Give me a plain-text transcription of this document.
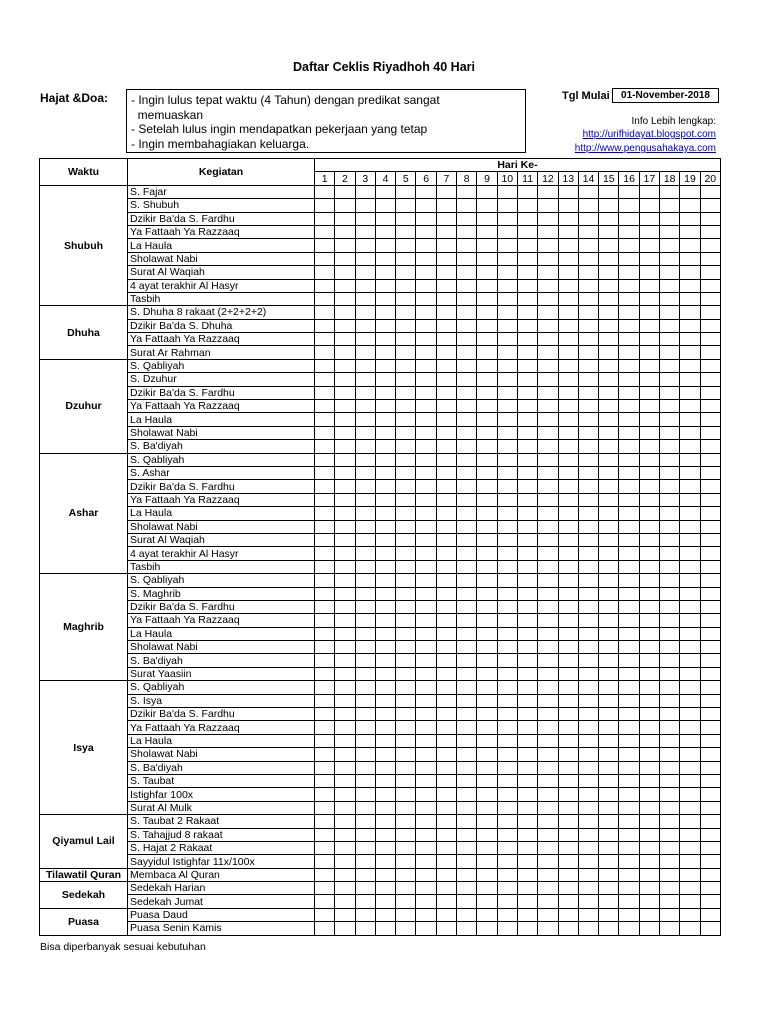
Daftar Ceklis Riyadhoh 40 Hari
Hajat &Doa: - Ingin lulus tepat waktu (4 Tahun) dengan predikat sangat
memuaskan
- Setelah lulus ingin mendapatkan pekerjaan yang tetap
- Ingin membahagiakan keluarga.
Tgl Mulai	01-November-2018
Info Lebih lengkap:
http://urifhidayat.blogspot.com
http://www.pengusahakaya.com
Waktu	Kegiatan	Hari Ke-																			
		1	2	3	4	5	6	7	8	9	10	11	12	13	14	15	16	17	18	19	20
Shubuh	S. Fajar																				
	S. Shubuh																				
	Dzikir Ba'da S. Fardhu																				
	Ya Fattaah Ya Razzaaq																				
	La Haula																				
	Sholawat Nabi																				
	Surat Al Waqiah																				
	4 ayat terakhir Al Hasyr																				
	Tasbih																				
Dhuha	S. Dhuha 8 rakaat (2+2+2+2)																				
	Dzikir Ba'da S. Dhuha																				
	Ya Fattaah Ya Razzaaq																				
	Surat Ar Rahman																				
Dzuhur	S. Qabliyah																				
	S. Dzuhur																				
	Dzikir Ba'da S. Fardhu																				
	Ya Fattaah Ya Razzaaq																				
	La Haula																				
	Sholawat Nabi																				
	S. Ba'diyah																				
Ashar	S. Qabliyah																				
	S. Ashar																				
	Dzikir Ba'da S. Fardhu																				
	Ya Fattaah Ya Razzaaq																				
	La Haula																				
	Sholawat Nabi																				
	Surat Al Waqiah																				
	4 ayat terakhir Al Hasyr																				
	Tasbih																				
Maghrib	S. Qabliyah																				
	S. Maghrib																				
	Dzikir Ba'da S. Fardhu																				
	Ya Fattaah Ya Razzaaq																				
	La Haula																				
	Sholawat Nabi																				
	S. Ba'diyah																				
	Surat Yaasiin																				
Isya	S. Qabliyah																				
	S. Isya																				
	Dzikir Ba'da S. Fardhu																				
	Ya Fattaah Ya Razzaaq																				
	La Haula																				
	Sholawat Nabi																				
	S. Ba'diyah																				
	S. Taubat																				
	Istighfar 100x																				
	Surat Al Mulk																				
Qiyamul Lail	S. Taubat 2 Rakaat																				
	S. Tahajjud 8 rakaat																				
	S. Hajat 2 Rakaat																				
	Sayyidul Istighfar 11x/100x																				
Tilawatil Quran	Membaca Al Quran																				
Sedekah	Sedekah Harian																				
	Sedekah Jumat																				
Puasa	Puasa Daud																				
	Puasa Senin Kamis																				
Bisa diperbanyak sesuai kebutuhan
